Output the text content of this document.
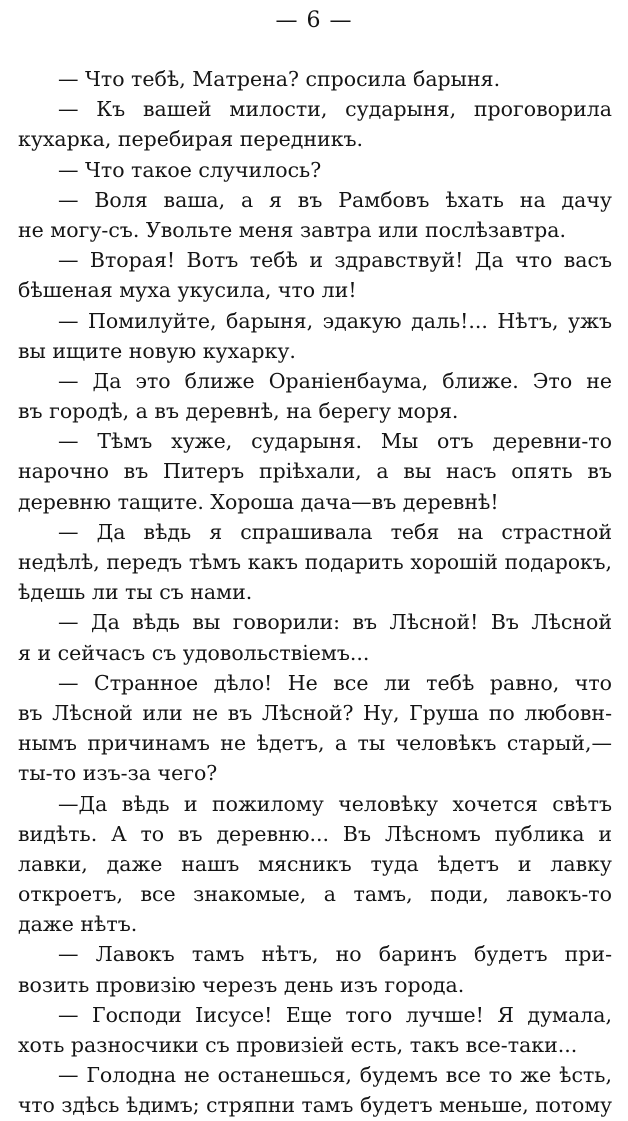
— 6 —
— Что тебѣ, Матрена? спросила барыня.
— Къ вашей милости, сударыня, проговорила
кухарка, перебирая передникъ.
— Что такое случилось?
— Воля ваша, а я въ Рамбовъ ѣхать на дачу
не могу-съ. Увольте меня завтра или послѣзавтра.
— Вторая! Вотъ тебѣ и здравствуй! Да что васъ
бѣшеная муха укусила, что ли!
— Помилуйте, барыня, эдакую даль!... Нѣтъ, ужъ
вы ищите новую кухарку.
— Да это ближе Ораніенбаума, ближе. Это не
въ городѣ, а въ деревнѣ, на берегу моря.
— Тѣмъ хуже, сударыня. Мы отъ деревни-то
нарочно въ Питеръ пріѣхали, а вы насъ опять въ
деревню тащите. Хороша дача—въ деревнѣ!
— Да вѣдь я спрашивала тебя на страстной
недѣлѣ, передъ тѣмъ какъ подарить хорошій подарокъ,
ѣдешь ли ты съ нами.
— Да вѣдь вы говорили: въ Лѣсной! Въ Лѣсной
я и сейчасъ съ удовольствіемъ...
— Странное дѣло! Не все ли тебѣ равно, что
въ Лѣсной или не въ Лѣсной? Ну, Груша по любовн-
нымъ причинамъ не ѣдетъ, а ты человѣкъ старый,—
ты-то изъ-за чего?
—Да вѣдь и пожилому человѣку хочется свѣтъ
видѣть. А то въ деревню... Въ Лѣсномъ публика и
лавки, даже нашъ мясникъ туда ѣдетъ и лавку
откроетъ, все знакомые, а тамъ, поди, лавокъ-то
даже нѣтъ.
— Лавокъ тамъ нѣтъ, но баринъ будетъ при-
возить провизію черезъ день изъ города.
— Господи Іисусе! Еще того лучше! Я думала,
хоть разносчики съ провизіей есть, такъ все-таки...
— Голодна не останешься, будемъ все то же ѣсть,
что здѣсь ѣдимъ; стряпни тамъ будетъ меньше, потому
